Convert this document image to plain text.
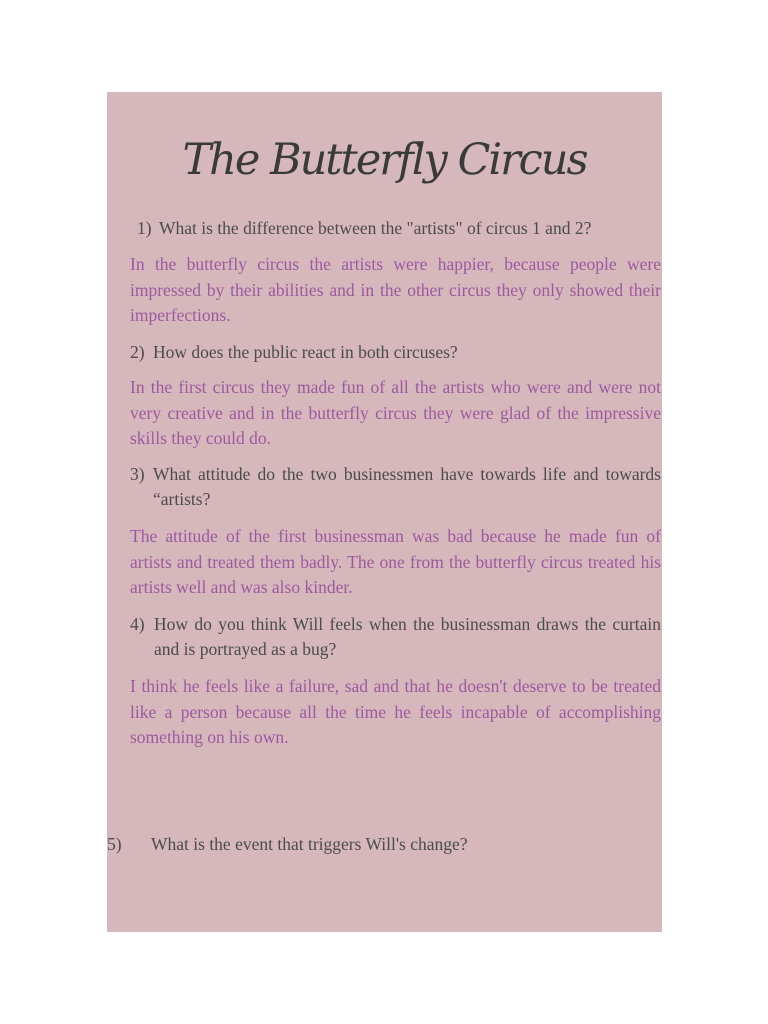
The Butterfly Circus
1) What is the difference between the "artists" of circus 1 and 2?

In the butterfly circus the artists were happier, because people were impressed by their abilities and in the other circus they only showed their imperfections.

2) How does the public react in both circuses?

In the first circus they made fun of all the artists who were and were not very creative and in the butterfly circus they were glad of the impressive skills they could do.

3) What attitude do the two businessmen have towards life and towards “artists?

The attitude of the first businessman was bad because he made fun of artists and treated them badly. The one from the butterfly circus treated his artists well and was also kinder.

4) How do you think Will feels when the businessman draws the curtain and is portrayed as a bug?

I think he feels like a failure, sad and that he doesn't deserve to be treated like a person because all the time he feels incapable of accomplishing something on his own.

5) What is the event that triggers Will's change?
